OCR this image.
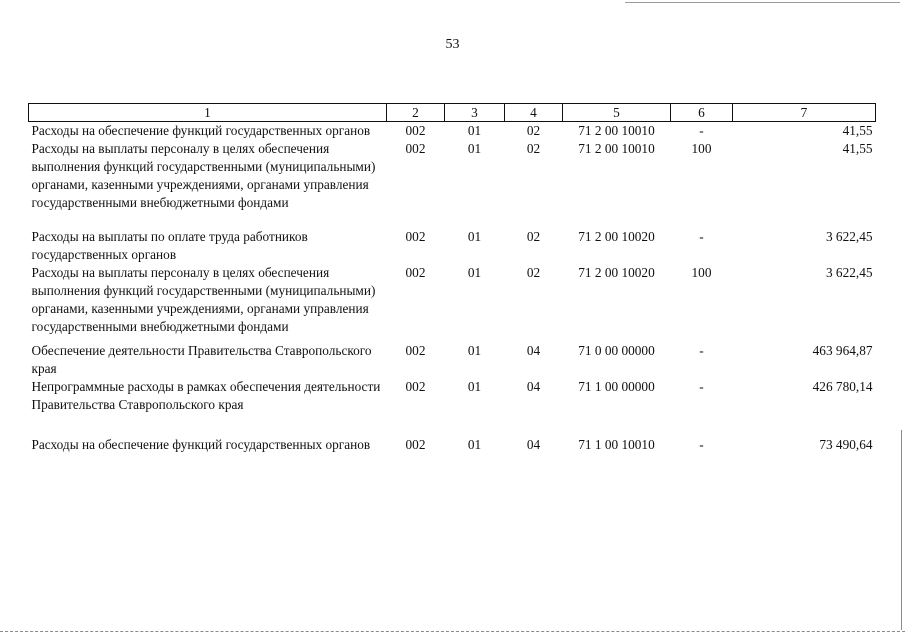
53
1	2	3	4	5	6	7
Расходы на обеспечение функций государственных органов	002	01	02	71 2 00 10010	-	41,55
Расходы на выплаты персоналу в целях обеспечения выполнения функций государственными (муниципальными) органами, казенными учреждениями, органами управления государственными внебюджетными фондами	002	01	02	71 2 00 10010	100	41,55
Расходы на выплаты по оплате труда работников государственных органов	002	01	02	71 2 00 10020	-	3 622,45
Расходы на выплаты персоналу в целях обеспечения выполнения функций государственными (муниципальными) органами, казенными учреждениями, органами управления государственными внебюджетными фондами	002	01	02	71 2 00 10020	100	3 622,45
Обеспечение деятельности Правительства Ставропольского края	002	01	04	71 0 00 00000	-	463 964,87
Непрограммные расходы в рамках обеспечения деятельности Правительства Ставропольского края	002	01	04	71 1 00 00000	-	426 780,14
Расходы на обеспечение функций государственных органов	002	01	04	71 1 00 10010	-	73 490,64
